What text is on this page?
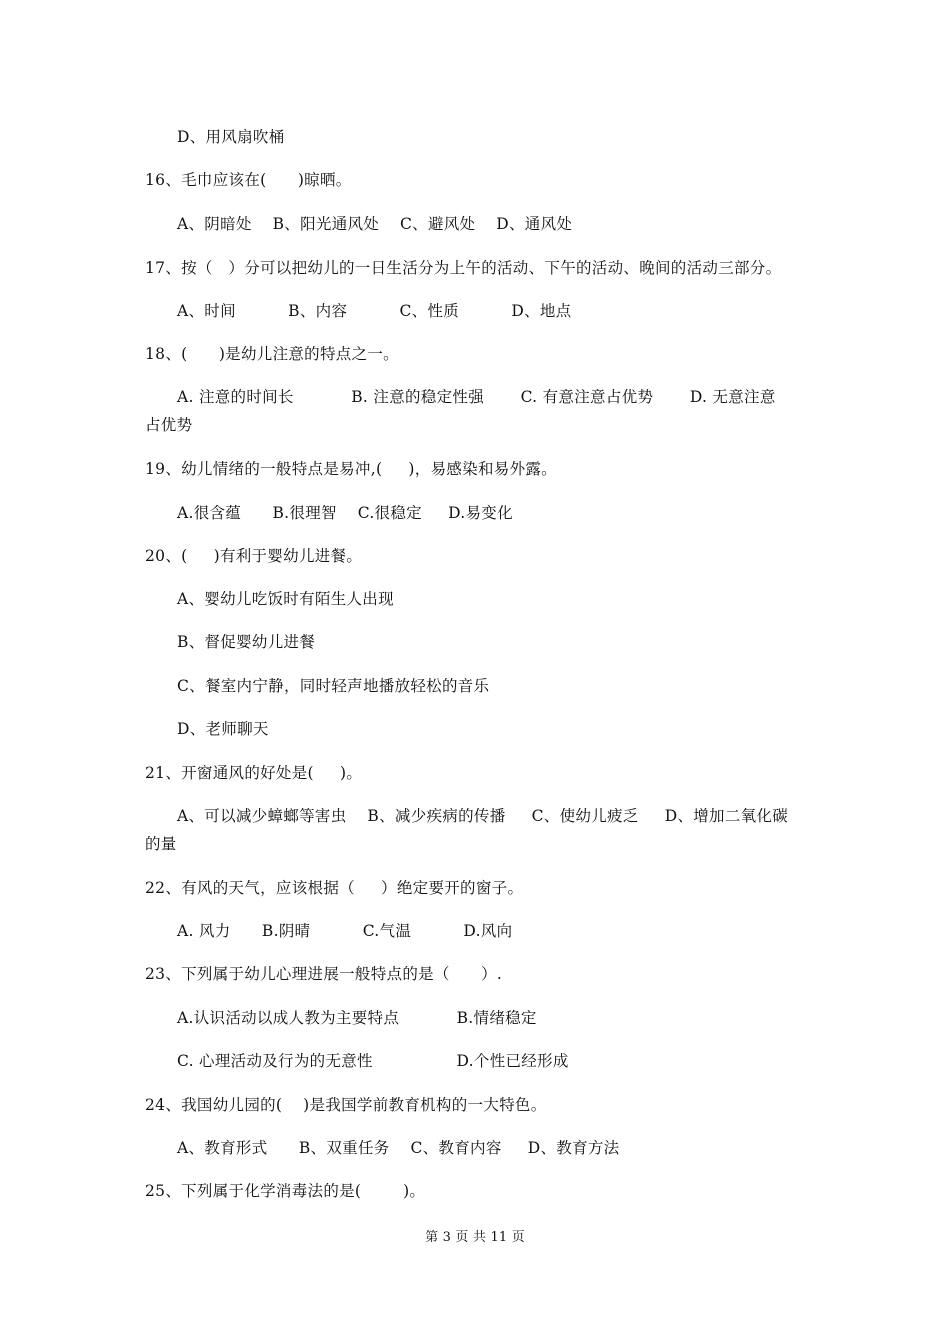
D、用风扇吹桶
16、毛巾应该在(      )晾晒。
A、阴暗处    B、阳光通风处    C、避风处    D、通风处
17、按（   ）分可以把幼儿的一日生活分为上午的活动、下午的活动、晚间的活动三部分。
A、时间          B、内容          C、性质          D、地点
18、(      )是幼儿注意的特点之一。
A. 注意的时间长           B. 注意的稳定性强       C. 有意注意占优势       D. 无意注意
占优势
19、幼儿情绪的一般特点是易冲,(     )，易感染和易外露。
A.很含蕴      B.很理智    C.很稳定     D.易变化
20、(     )有利于婴幼儿进餐。
A、婴幼儿吃饭时有陌生人出现
B、督促婴幼儿进餐
C、餐室内宁静，同时轻声地播放轻松的音乐
D、老师聊天
21、开窗通风的好处是(     )。
A、可以减少蟑螂等害虫    B、减少疾病的传播     C、使幼儿疲乏     D、增加二氧化碳
的量
22、有风的天气，应该根据（     ）绝定要开的窗子。
A. 风力      B.阴晴          C.气温          D.风向
23、下列属于幼儿心理进展一般特点的是（      ）.
A.认识活动以成人教为主要特点           B.情绪稳定
C. 心理活动及行为的无意性                D.个性已经形成
24、我国幼儿园的(    )是我国学前教育机构的一大特色。
A、教育形式      B、双重任务    C、教育内容     D、教育方法
25、下列属于化学消毒法的是(        )。
第 3 页 共 11 页
